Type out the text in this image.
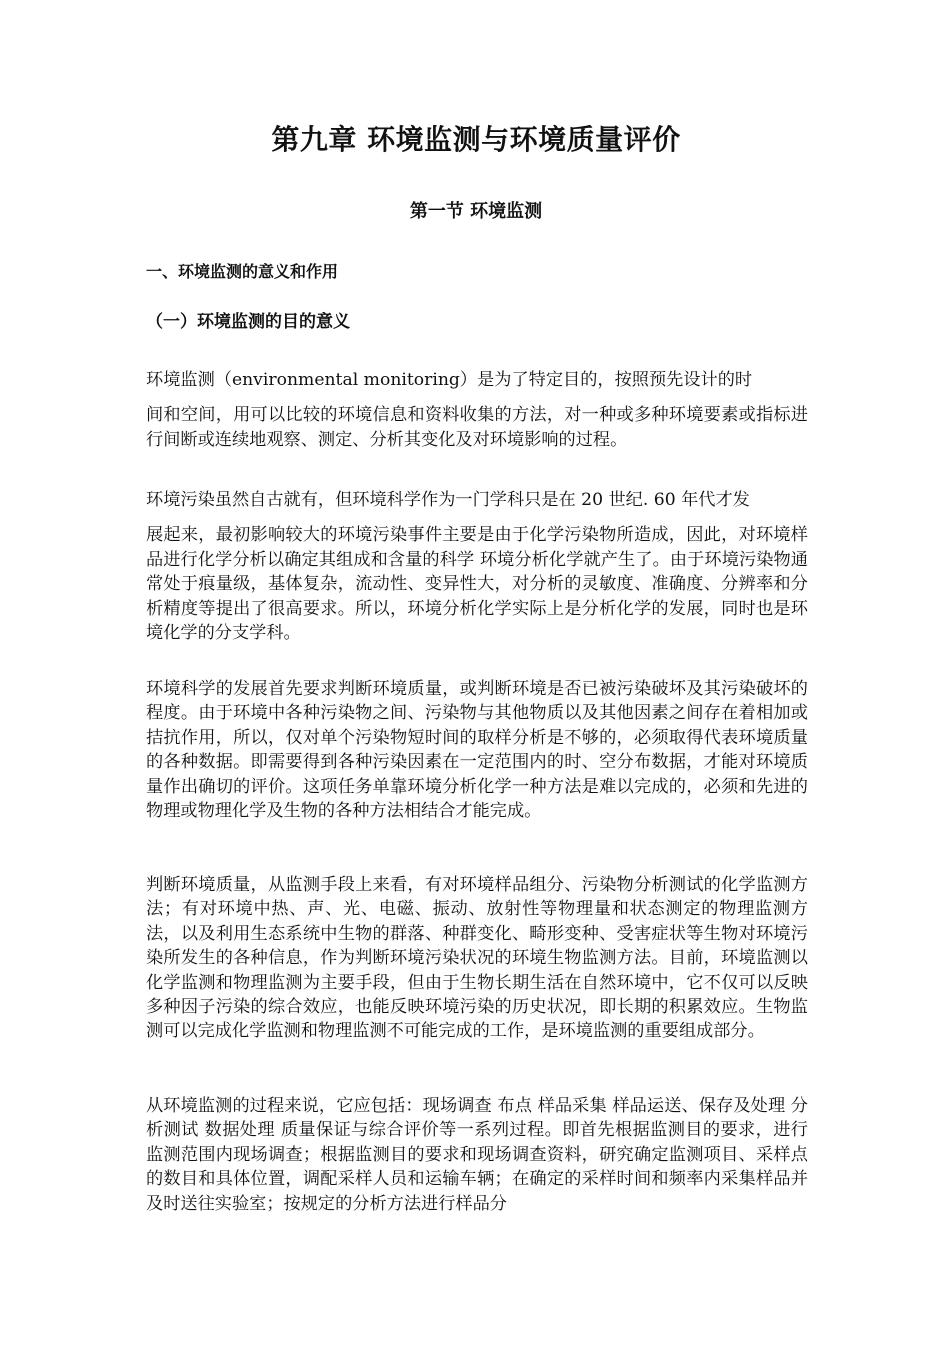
第九章 环境监测与环境质量评价
第一节 环境监测
一、环境监测的意义和作用
（一）环境监测的目的意义

环境监测（environmental monitoring）是为了特定目的，按照预先设计的时
间和空间，用可以比较的环境信息和资料收集的方法，对一种或多种环境要素或指标进行间断或连续地观察、测定、分析其变化及对环境影响的过程。

环境污染虽然自古就有，但环境科学作为一门学科只是在 20 世纪. 60 年代才发
展起来，最初影响较大的环境污染事件主要是由于化学污染物所造成，因此，对环境样品进行化学分析以确定其组成和含量的科学 环境分析化学就产生了。由于环境污染物通常处于痕量级，基体复杂，流动性、变异性大，对分析的灵敏度、准确度、分辨率和分析精度等提出了很高要求。所以，环境分析化学实际上是分析化学的发展，同时也是环境化学的分支学科。

环境科学的发展首先要求判断环境质量，或判断环境是否已被污染破坏及其污染破坏的程度。由于环境中各种污染物之间、污染物与其他物质以及其他因素之间存在着相加或拮抗作用，所以，仅对单个污染物短时间的取样分析是不够的，必须取得代表环境质量的各种数据。即需要得到各种污染因素在一定范围内的时、空分布数据，才能对环境质量作出确切的评价。这项任务单靠环境分析化学一种方法是难以完成的，必须和先进的物理或物理化学及生物的各种方法相结合才能完成。

判断环境质量，从监测手段上来看，有对环境样品组分、污染物分析测试的化学监测方法；有对环境中热、声、光、电磁、振动、放射性等物理量和状态测定的物理监测方法，以及利用生态系统中生物的群落、种群变化、畸形变种、受害症状等生物对环境污染所发生的各种信息，作为判断环境污染状况的环境生物监测方法。目前，环境监测以化学监测和物理监测为主要手段，但由于生物长期生活在自然环境中，它不仅可以反映多种因子污染的综合效应，也能反映环境污染的历史状况，即长期的积累效应。生物监测可以完成化学监测和物理监测不可能完成的工作，是环境监测的重要组成部分。

从环境监测的过程来说，它应包括：现场调查 布点 样品采集 样品运送、保存及处理 分析测试 数据处理 质量保证与综合评价等一系列过程。即首先根据监测目的要求，进行监测范围内现场调查；根据监测目的要求和现场调查资料，研究确定监测项目、采样点的数目和具体位置，调配采样人员和运输车辆；在确定的采样时间和频率内采集样品并及时送往实验室；按规定的分析方法进行样品分
